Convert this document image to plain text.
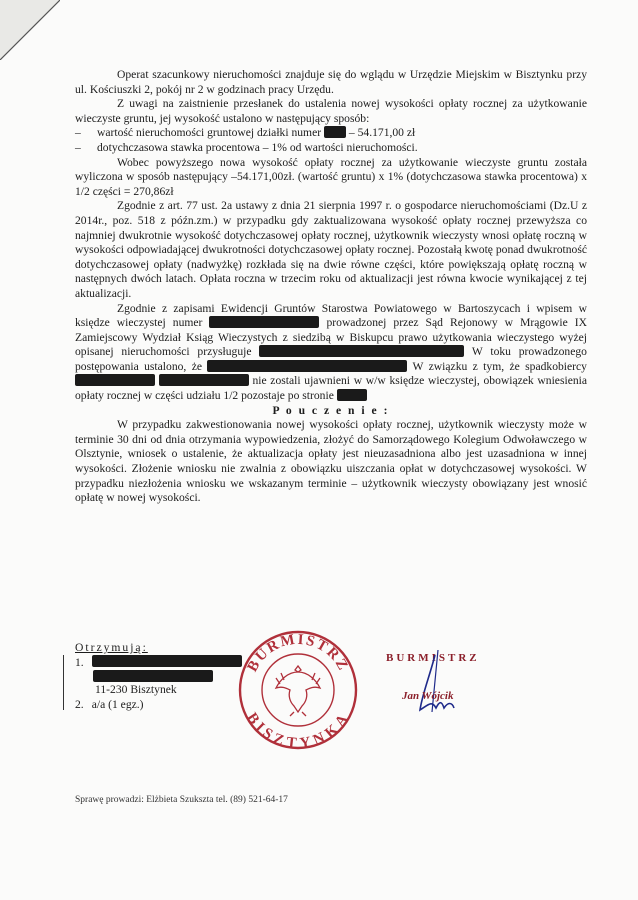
Operat szacunkowy nieruchomości znajduje się do wglądu w Urzędzie Miejskim w Bisztynku przy ul. Kościuszki 2, pokój nr 2 w godzinach pracy Urzędu.

Z uwagi na zaistnienie przesłanek do ustalenia nowej wysokości opłaty rocznej za użytkowanie wieczyste gruntu, jej wysokość ustalono w następujący sposób:

–	wartość nieruchomości gruntowej działki numer – 54.171,00 zł
–	dotychczasowa stawka procentowa – 1% od wartości nieruchomości.

Wobec powyższego nowa wysokość opłaty rocznej za użytkowanie wieczyste gruntu została wyliczona w sposób następujący –54.171,00zł. (wartość gruntu) x 1% (dotychczasowa stawka procentowa) x 1/2 części = 270,86zł

Zgodnie z art. 77 ust. 2a ustawy z dnia 21 sierpnia 1997 r. o gospodarce nieruchomościami (Dz.U z 2014r., poz. 518 z późn.zm.) w przypadku gdy zaktualizowana wysokość opłaty rocznej przewyższa co najmniej dwukrotnie wysokość dotychczasowej opłaty rocznej, użytkownik wieczysty wnosi opłatę roczną w wysokości odpowiadającej dwukrotności dotychczasowej opłaty rocznej. Pozostałą kwotę ponad dwukrotność dotychczasowej opłaty (nadwyżkę) rozkłada się na dwie równe części, które powiększają opłatę roczną w następnych dwóch latach. Opłata roczna w trzecim roku od aktualizacji jest równa kwocie wynikającej z tej aktualizacji.

Zgodnie z zapisami Ewidencji Gruntów Starostwa Powiatowego w Bartoszycach i wpisem w księdze wieczystej numer	prowadzonej przez Sąd Rejonowy w Mrągowie IX Zamiejscowy Wydział Ksiąg Wieczystych z siedzibą w Biskupcu prawo użytkowania wieczystego wyżej opisanej nieruchomości przysługuje	W toku prowadzonego postępowania ustalono, że	W związku z tym, że spadkobiercy   nie zostali ujawnieni w w/w księdze wieczystej, obowiązek wniesienia opłaty rocznej w części udziału 1/2 pozostaje po stronie

P o u c z e n i e :

W przypadku zakwestionowania nowej wysokości opłaty rocznej, użytkownik wieczysty może w terminie 30 dni od dnia otrzymania wypowiedzenia, złożyć do Samorządowego Kolegium Odwoławczego w Olsztynie, wniosek o ustalenie, że aktualizacja opłaty jest nieuzasadniona albo jest uzasadniona w innej wysokości. Złożenie wniosku nie zwalnia z obowiązku uiszczania opłat w dotychczasowej wysokości. W przypadku niezłożenia wniosku we wskazanym terminie – użytkownik wieczysty obowiązany jest wnosić opłatę w nowej wysokości.

Otrzymują:
1.
11-230 Bisztynek
2. a/a (1 egz.)
BURMISTRZ
BISZTYNKA
BURMISTRZ
Jan Wójcik
Sprawę prowadzi: Elżbieta Szukszta tel. (89) 521-64-17
